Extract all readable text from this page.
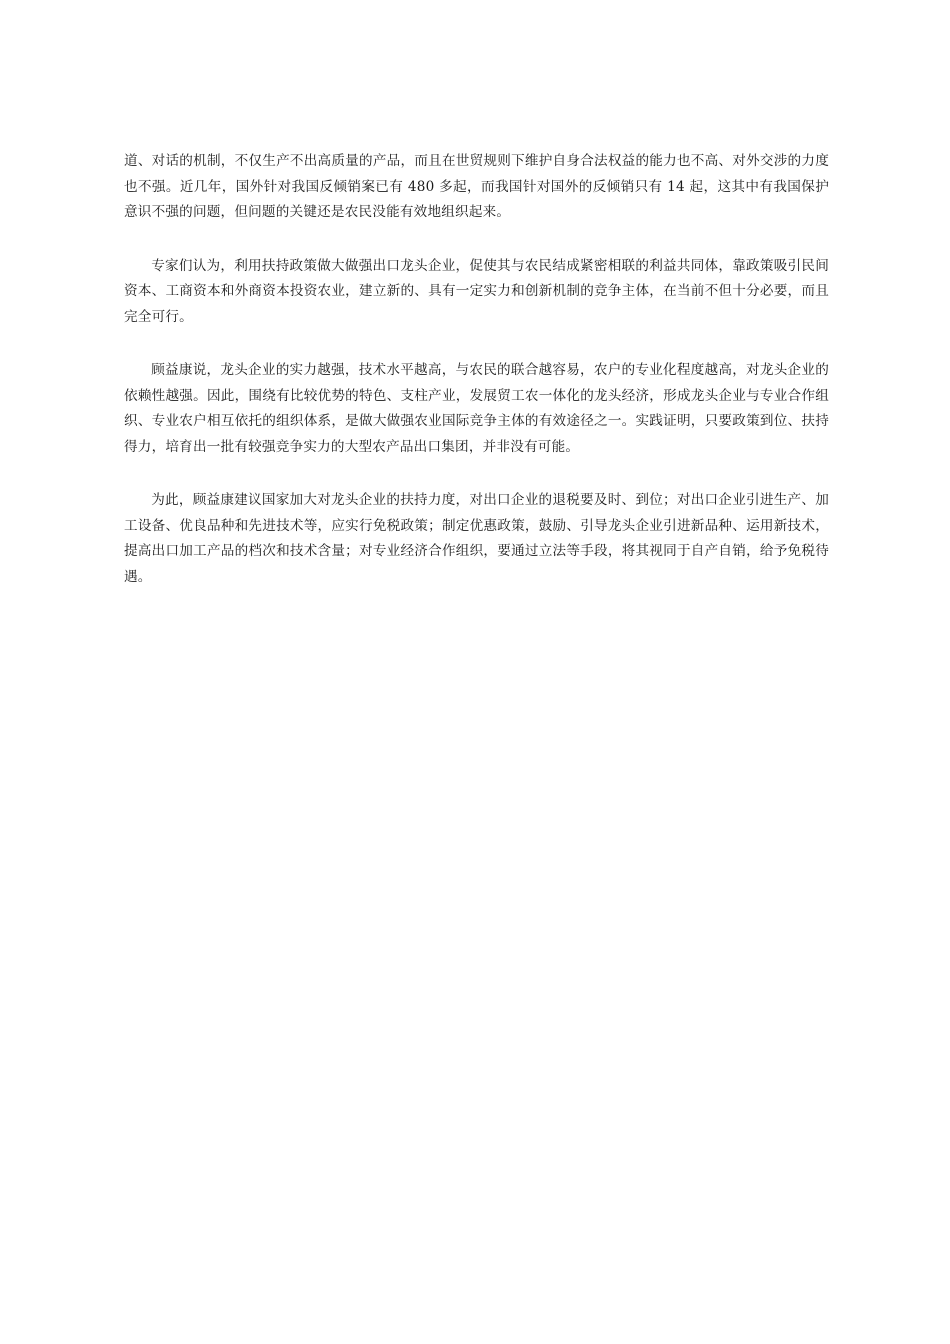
道、对话的机制，不仅生产不出高质量的产品，而且在世贸规则下维护自身合法权益的能力也不高、对外交涉的力度也不强。近几年，国外针对我国反倾销案已有 480 多起，而我国针对国外的反倾销只有 14 起，这其中有我国保护意识不强的问题，但问题的关键还是农民没能有效地组织起来。

专家们认为，利用扶持政策做大做强出口龙头企业，促使其与农民结成紧密相联的利益共同体，靠政策吸引民间资本、工商资本和外商资本投资农业，建立新的、具有一定实力和创新机制的竞争主体，在当前不但十分必要，而且完全可行。

顾益康说，龙头企业的实力越强，技术水平越高，与农民的联合越容易，农户的专业化程度越高，对龙头企业的依赖性越强。因此，围绕有比较优势的特色、支柱产业，发展贸工农一体化的龙头经济，形成龙头企业与专业合作组织、专业农户相互依托的组织体系，是做大做强农业国际竞争主体的有效途径之一。实践证明，只要政策到位、扶持得力，培育出一批有较强竞争实力的大型农产品出口集团，并非没有可能。

为此，顾益康建议国家加大对龙头企业的扶持力度，对出口企业的退税要及时、到位；对出口企业引进生产、加工设备、优良品种和先进技术等，应实行免税政策；制定优惠政策，鼓励、引导龙头企业引进新品种、运用新技术，提高出口加工产品的档次和技术含量；对专业经济合作组织，要通过立法等手段，将其视同于自产自销，给予免税待遇。
